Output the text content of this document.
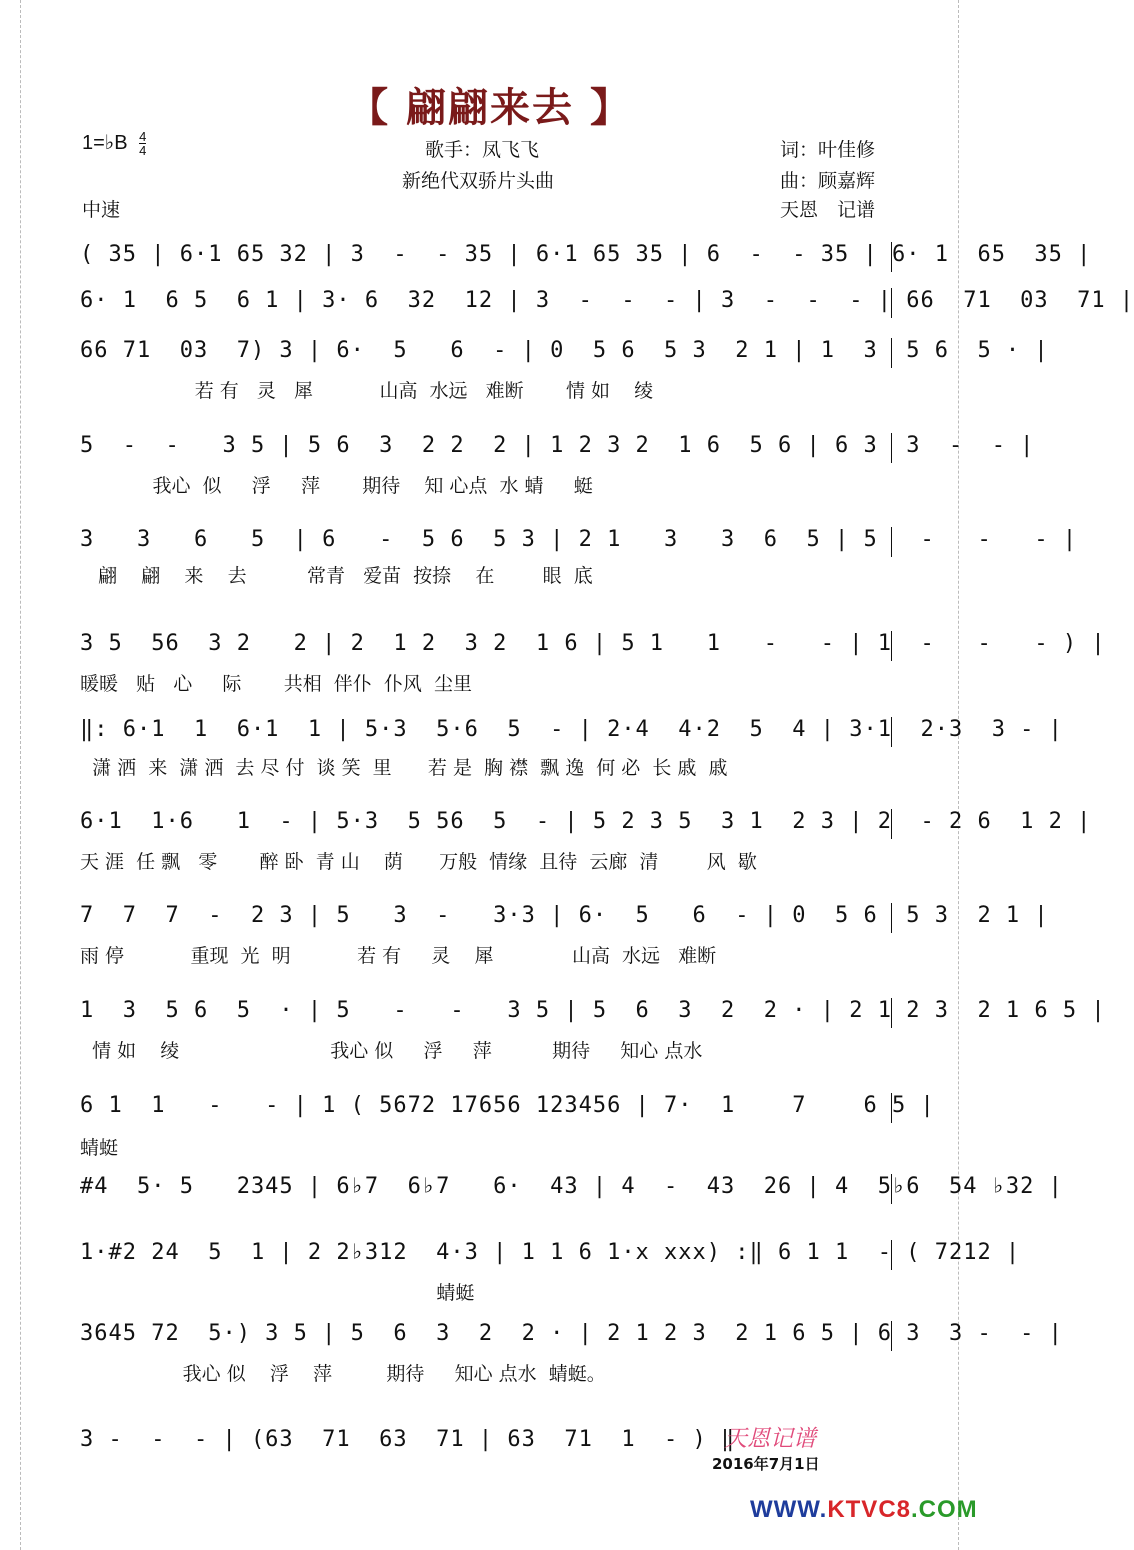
【 翩翩来去 】
1=♭B $\frac{4}{4}$	歌手：凤飞飞
新绝代双骄片头曲
词：叶佳修
曲：顾嘉辉
天恩　记谱
中速
( 35 | 6·1 65 32 | 3  -  - 35 | 6·1 65 35 | 6  -  - 35 | 6· 1  65  35 |
6· 1  6 5  6 1 | 3· 6  32  12 | 3  -  -  - | 3  -  -  - | 66  71  03  71 |
66 71  03  7) 3 | 6·  5   6  - | 0  5 6  5 3  2 1 | 1  3  5 6  5 · |
若 有   灵   犀           山高  水远   难断       情 如    绫
5  -  -   3 5 | 5 6  3  2 2  2 | 1 2 3 2  1 6  5 6 | 6 3  3  -  - |
我心  似     浮     萍       期待    知 心点  水 蜻     蜓
3   3   6   5  | 6   -  5 6  5 3 | 2 1   3   3  6  5 | 5   -   -   - |
翩    翩    来    去          常青   爱苗  按捺    在        眼  底
3 5  56  3 2   2 | 2  1 2  3 2  1 6 | 5 1   1   -   - | 1  -   -   - ) |
暖暖   贴   心     际       共相  伴仆  仆风  尘里
‖: 6·1  1  6·1  1 | 5·3  5·6  5  - | 2·4  4·2  5  4 | 3·1  2·3  3 - |
潇 洒  来  潇 洒  去 尽 付  谈 笑  里      若 是  胸 襟  飘 逸  何 必  长 戚  戚
6·1  1·6   1  - | 5·3  5 56  5  - | 5 2 3 5  3 1  2 3 | 2  - 2 6  1 2 |
天 涯  任 飘   零       醉 卧  青 山    荫      万般  情缘  且待  云廊  清        风  歇
7  7  7  -  2 3 | 5   3  -   3·3 | 6·  5   6  - | 0  5 6  5 3  2 1 |
雨 停           重现  光  明           若 有     灵    犀             山高  水远   难断
1  3  5 6  5  · | 5   -   -   3 5 | 5  6  3  2  2 · | 2 1 2 3  2 1 6 5 |
情 如    绫                         我心 似     浮     萍          期待     知心 点水
6 1  1   -   - | 1 ( 5672 17656 123456 | 7·  1    7    6 5 |
蜻蜓
#4  5· 5   2345 | 6♭7  6♭7   6·  43 | 4  -  43  26 | 4  5♭6  54 ♭32 |
1·#2 24  5  1 | 2 2♭312  4·3 | 1 1 6 1·x xxx) :‖ 6 1 1  - ( 7212 |
蜻蜓
3645 72  5·) 3 5 | 5  6  3  2  2 · | 2 1 2 3  2 1 6 5 | 6 3  3 -  - |
我心 似    浮    萍         期待     知心 点水  蜻蜓。
3 -  -  - | (63  71  63  71 | 63  71  1  - ) ‖
天恩记谱
2016年7月1日
WWW.KTVC8.COM
